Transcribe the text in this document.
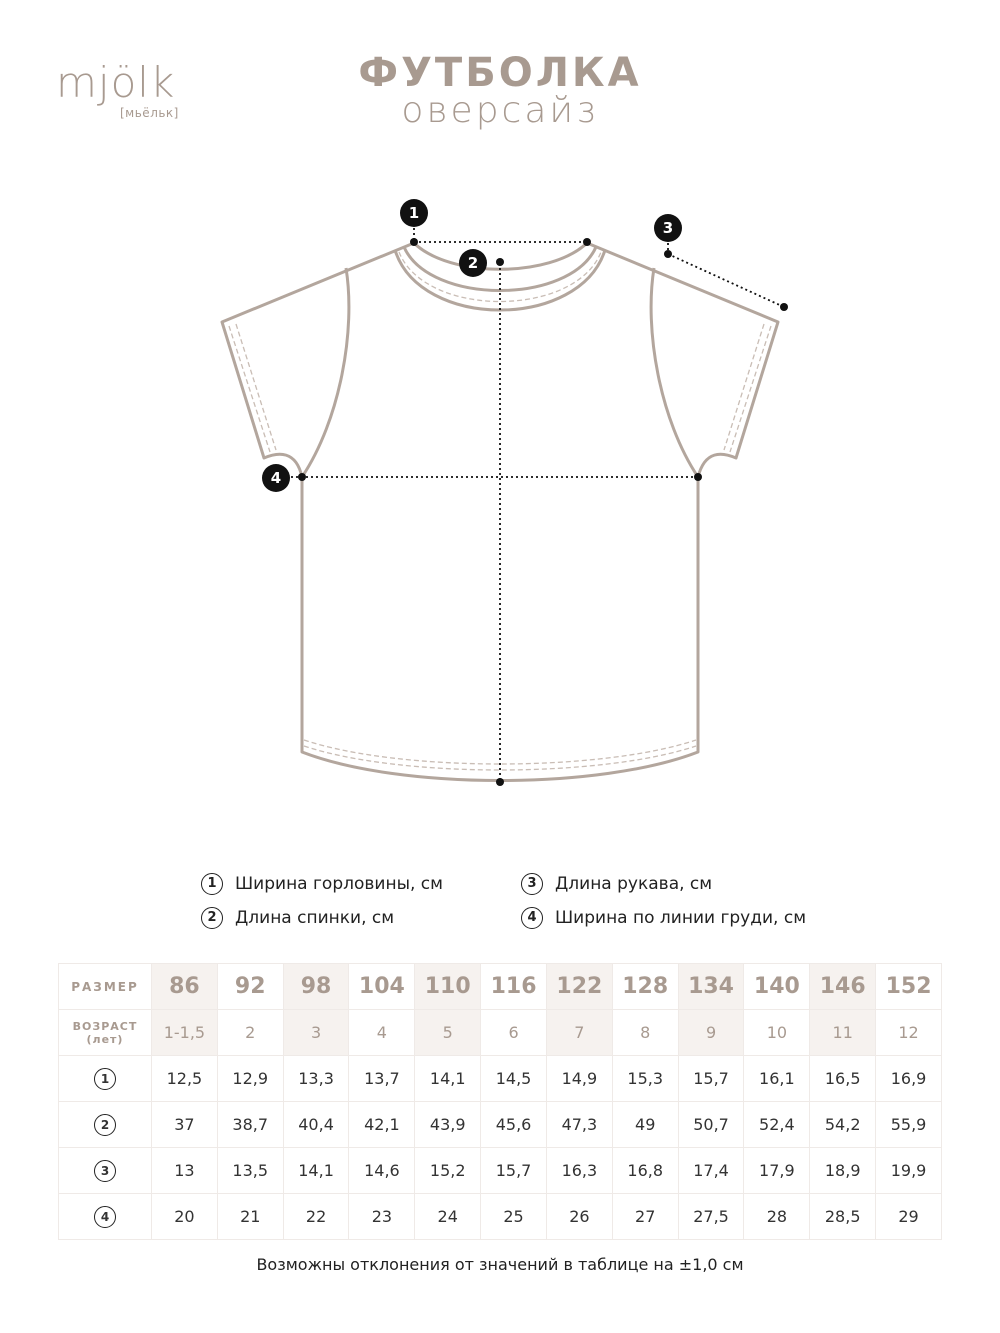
mjölk
[мьёльк]
ФУТБОЛКА
оверсайз
1
2
3
4
1	Ширина горловины, см	3	Длина рукава, см
2	Длина спинки, см	4	Ширина по линии груди, см
РАЗМЕР	86	92	98	104	110	116	122	128	134	140	146	152

ВОЗРАСТ
(лет)	1-1,5	2	3	4	5	6	7	8	9	10	11	12
1	12,5	12,9	13,3	13,7	14,1	14,5	14,9	15,3	15,7	16,1	16,5	16,9
2	37	38,7	40,4	42,1	43,9	45,6	47,3	49	50,7	52,4	54,2	55,9
3	13	13,5	14,1	14,6	15,2	15,7	16,3	16,8	17,4	17,9	18,9	19,9
4	20	21	22	23	24	25	26	27	27,5	28	28,5	29
Возможны отклонения от значений в таблице на ±1,0 см
